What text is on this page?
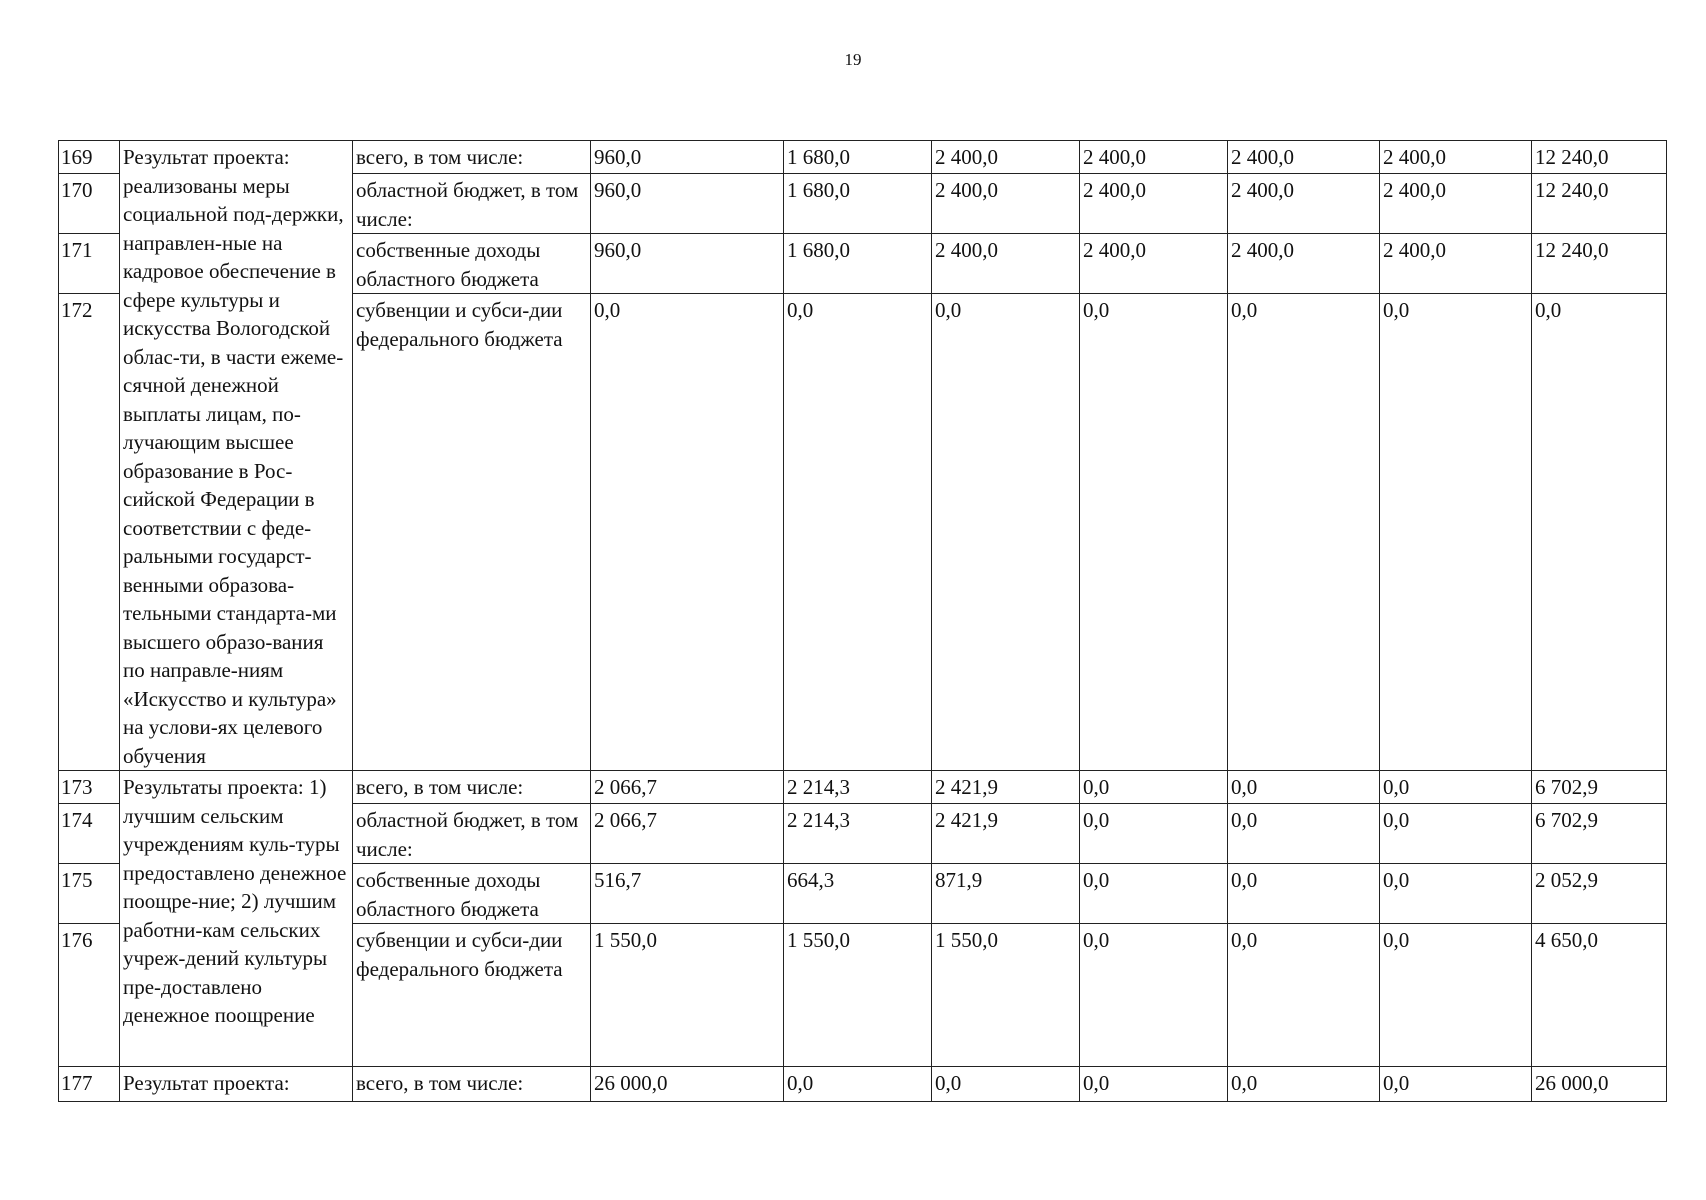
19
169	Результат проекта: реализованы меры социальной под-держки, направлен-ные на кадровое обеспечение в сфере культуры и искусства Вологодской облас-ти, в части ежеме-сячной денежной выплаты лицам, по-лучающим высшее образование в Рос-сийской Федерации в соответствии с феде-ральными государст-венными образова-тельными стандарта-ми высшего образо-вания по направле-ниям «Искусство и культура» на услови-ях целевого обучения	всего, в том числе:	960,0	1 680,0	2 400,0	2 400,0	2 400,0	2 400,0	12 240,0
170		областной бюджет, в том числе:	960,0	1 680,0	2 400,0	2 400,0	2 400,0	2 400,0	12 240,0
171		собственные доходы областного бюджета	960,0	1 680,0	2 400,0	2 400,0	2 400,0	2 400,0	12 240,0
172		субвенции и субси-дии федерального бюджета	0,0	0,0	0,0	0,0	0,0	0,0	0,0
173	Результаты проекта: 1) лучшим сельским учреждениям куль-туры предоставлено денежное поощре-ние; 2) лучшим работни-кам сельских учреж-дений культуры пре-доставлено денежное поощрение	всего, в том числе:	2 066,7	2 214,3	2 421,9	0,0	0,0	0,0	6 702,9
174		областной бюджет, в том числе:	2 066,7	2 214,3	2 421,9	0,0	0,0	0,0	6 702,9
175		собственные доходы областного бюджета	516,7	664,3	871,9	0,0	0,0	0,0	2 052,9
176		субвенции и субси-дии федерального бюджета	1 550,0	1 550,0	1 550,0	0,0	0,0	0,0	4 650,0
177	Результат проекта:	всего, в том числе:	26 000,0	0,0	0,0	0,0	0,0	0,0	26 000,0
